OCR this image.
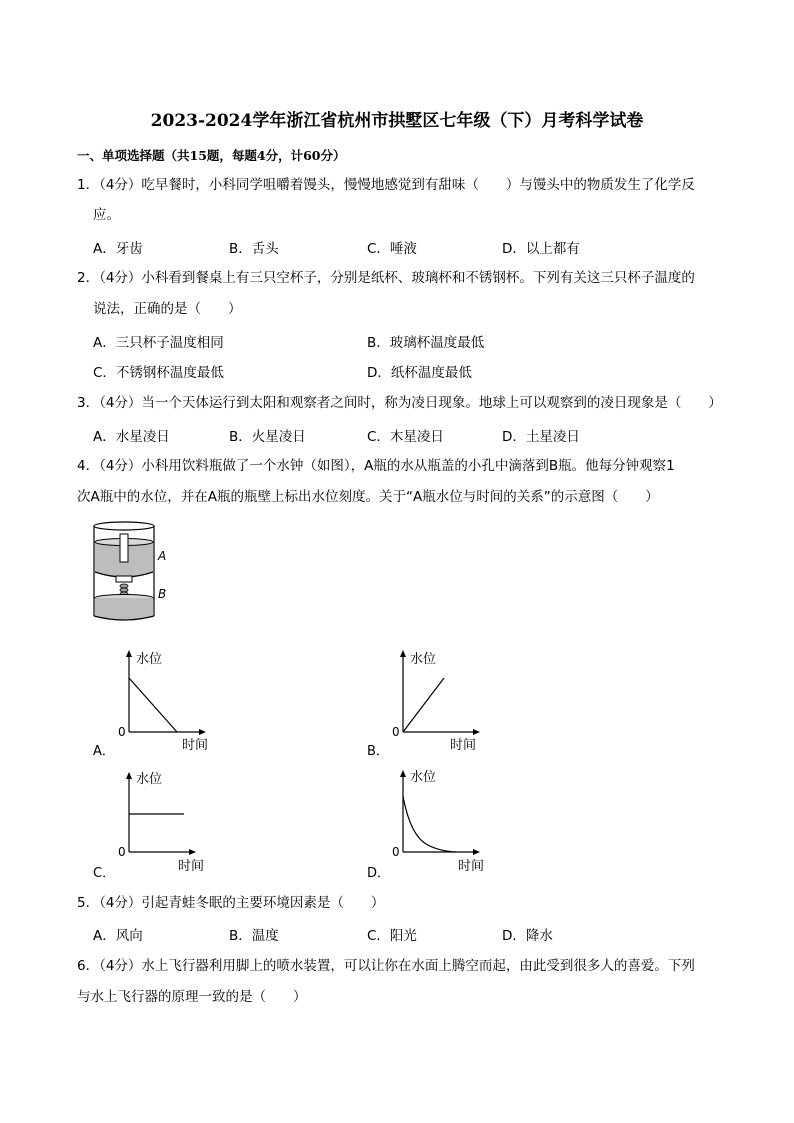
2023-2024学年浙江省杭州市拱墅区七年级（下）月考科学试卷
一、单项选择题（共15题，每题4分，计60分）
1．（4分）吃早餐时，小科同学咀嚼着馒头，慢慢地感觉到有甜味（　　）与馒头中的物质发生了化学反
应。
A．牙齿	B．舌头	C．唾液	D．以上都有
2．（4分）小科看到餐桌上有三只空杯子，分别是纸杯、玻璃杯和不锈钢杯。下列有关这三只杯子温度的
说法，正确的是（　　）
A．三只杯子温度相同	B．玻璃杯温度最低
C．不锈钢杯温度最低	D．纸杯温度最低
3．（4分）当一个天体运行到太阳和观察者之间时，称为凌日现象。地球上可以观察到的凌日现象是（　　）
A．水星凌日	B．火星凌日	C．木星凌日	D．土星凌日
4．（4分）小科用饮料瓶做了一个水钟（如图），A瓶的水从瓶盖的小孔中滴落到B瓶。他每分钟观察1
次A瓶中的水位，并在A瓶的瓶壁上标出水位刻度。关于“A瓶水位与时间的关系”的示意图（　　）
A
B
水位
0
时间
A．
水位
0
时间
B．
水位
0
时间
C．
水位
0
时间
D．
5．（4分）引起青蛙冬眠的主要环境因素是（　　）
A．风向	B．温度	C．阳光	D．降水
6．（4分）水上飞行器利用脚上的喷水装置，可以让你在水面上腾空而起，由此受到很多人的喜爱。下列
与水上飞行器的原理一致的是（　　）
